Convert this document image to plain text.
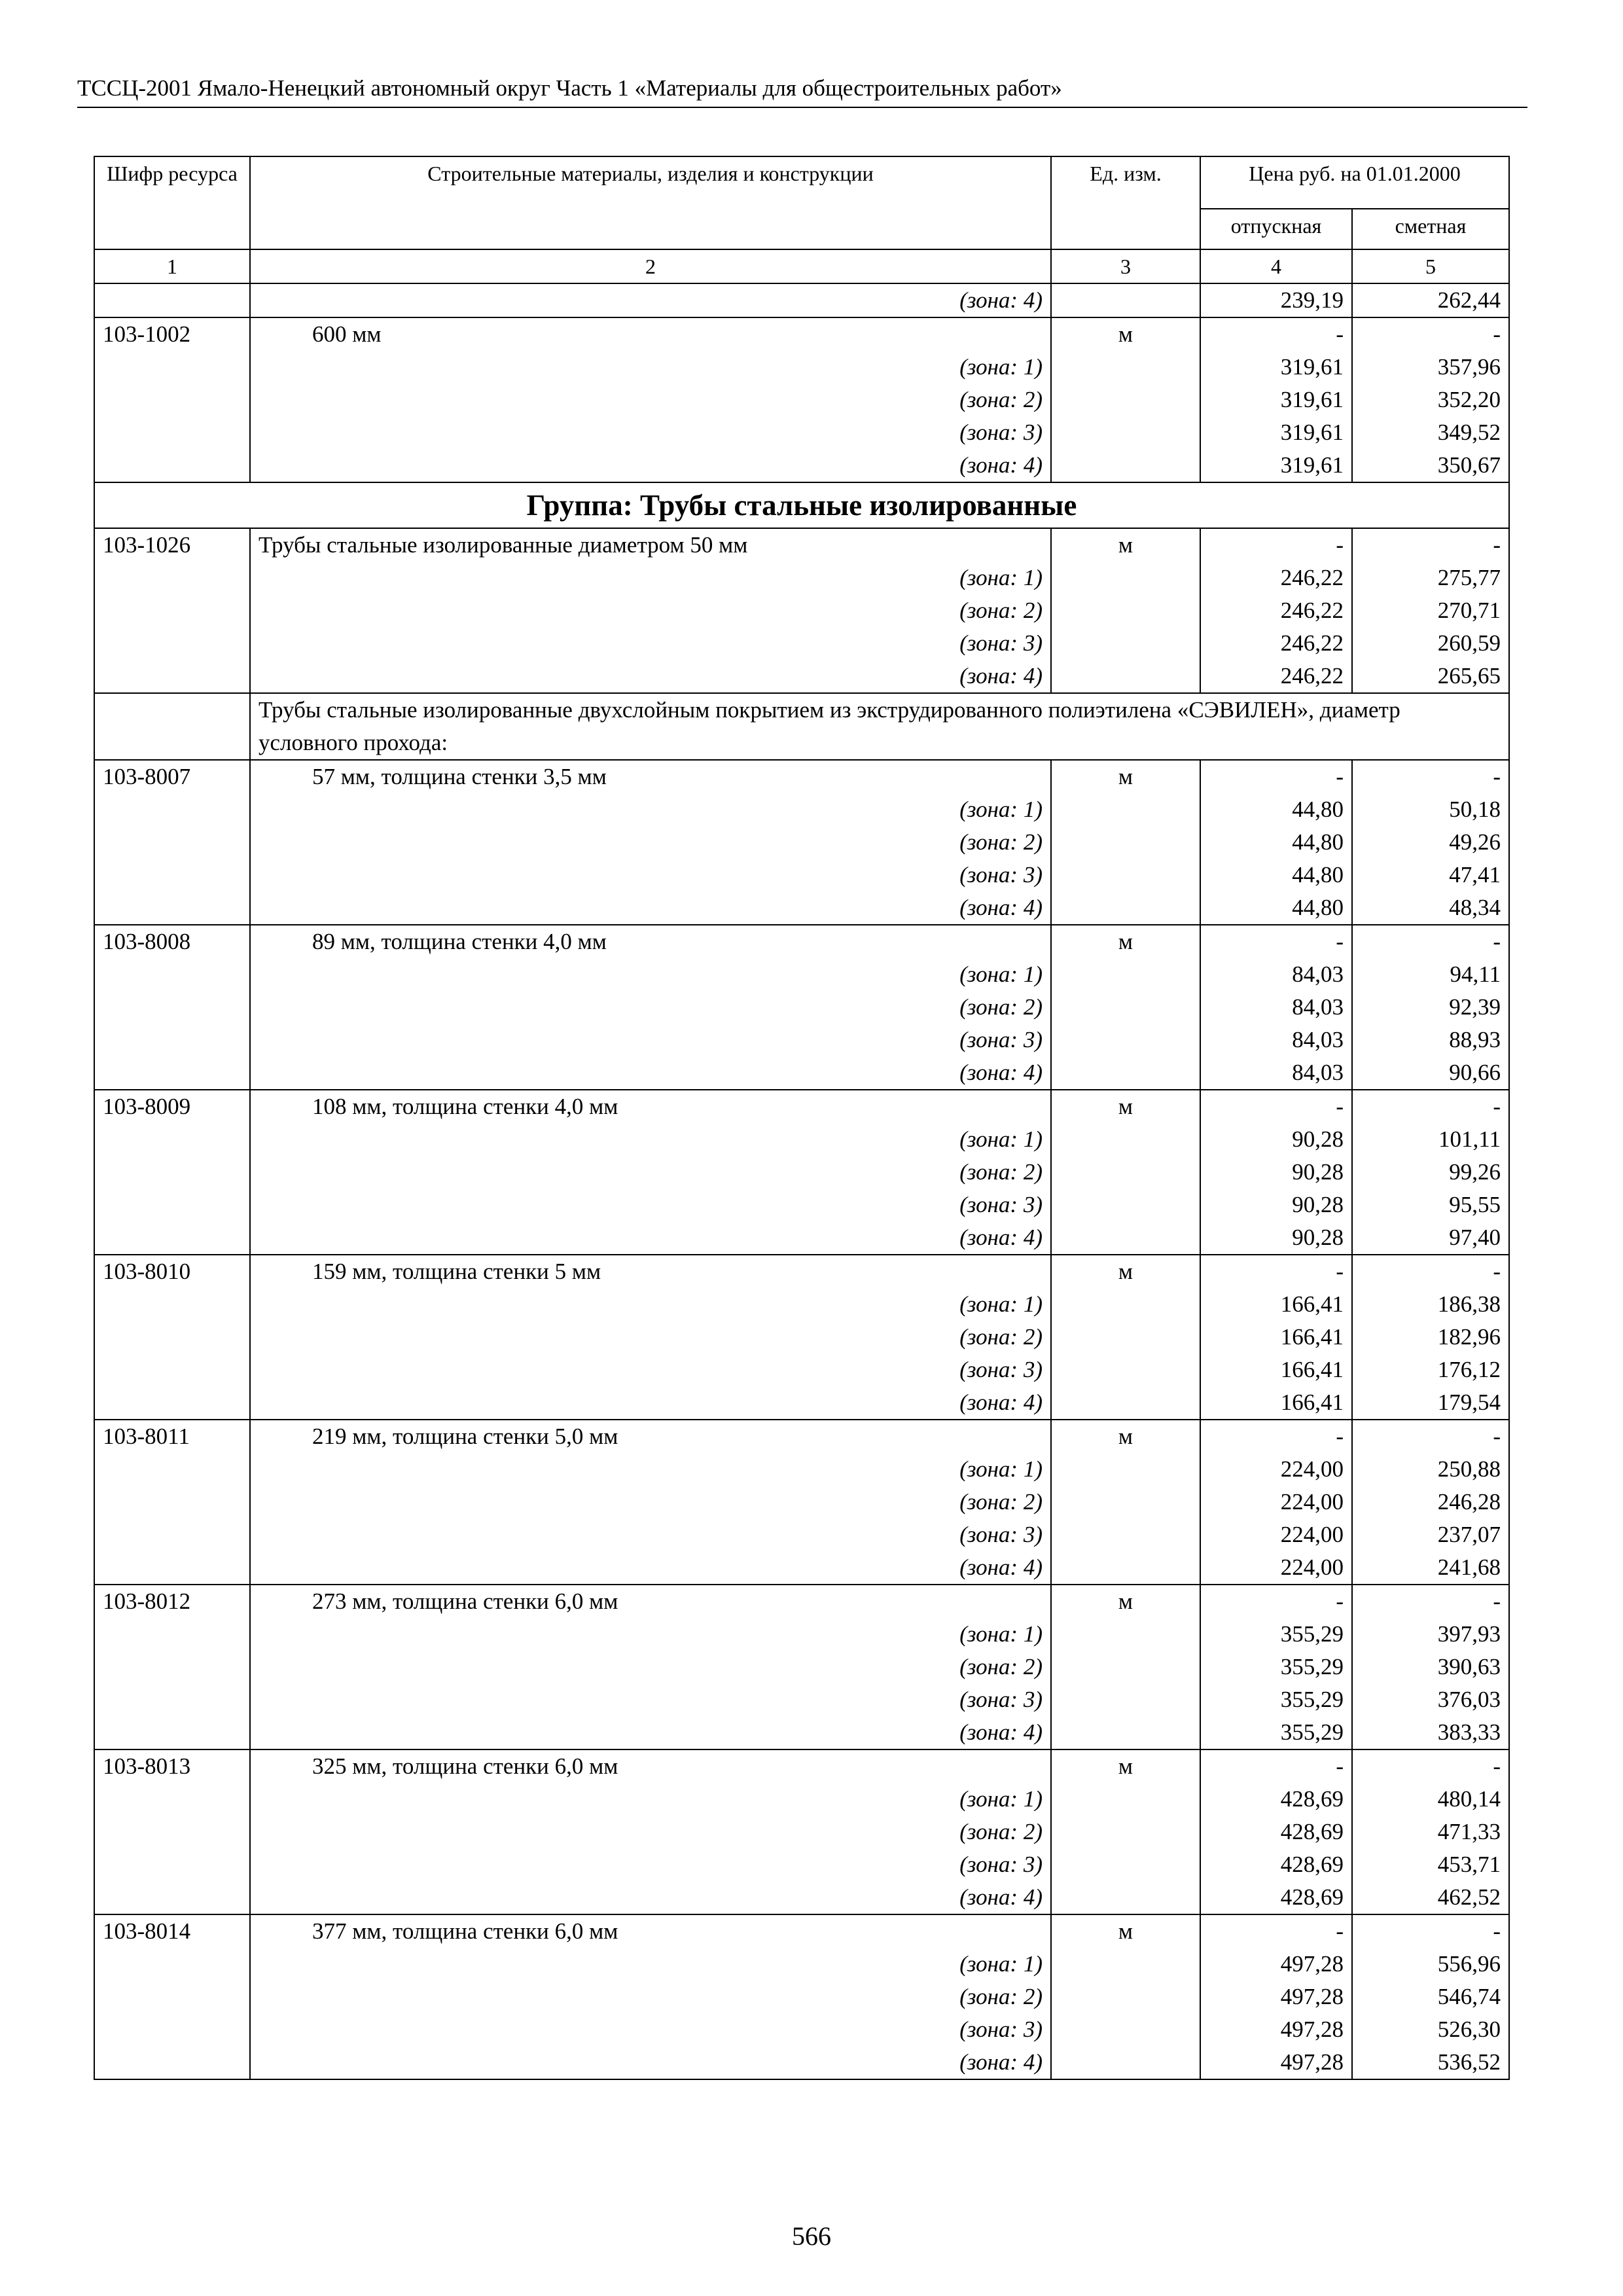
ТССЦ-2001 Ямало-Ненецкий автономный округ Часть 1 «Материалы для общестроительных работ»
Шифр ресурса	Строительные материалы, изделия и конструкции	Ед. изм.	Цена руб. на 01.01.2000	
			отпускная	сметная
1	2	3	4	5
	(зона: 4)		239,19	262,44
103-1002	600 мм	м	-	-
	(зона: 1)		319,61	357,96
	(зона: 2)		319,61	352,20
	(зона: 3)		319,61	349,52
	(зона: 4)		319,61	350,67
Группа: Трубы стальные изолированные				
103-1026	Трубы стальные изолированные диаметром 50 мм	м	-	-
	(зона: 1)		246,22	275,77
	(зона: 2)		246,22	270,71
	(зона: 3)		246,22	260,59
	(зона: 4)		246,22	265,65
	Трубы стальные изолированные двухслойным покрытием из экструдированного полиэтилена «СЭВИЛЕН», диаметр условного прохода:			
103-8007	57 мм, толщина стенки 3,5 мм	м	-	-
	(зона: 1)		44,80	50,18
	(зона: 2)		44,80	49,26
	(зона: 3)		44,80	47,41
	(зона: 4)		44,80	48,34
103-8008	89 мм, толщина стенки 4,0 мм	м	-	-
	(зона: 1)		84,03	94,11
	(зона: 2)		84,03	92,39
	(зона: 3)		84,03	88,93
	(зона: 4)		84,03	90,66
103-8009	108 мм, толщина стенки 4,0 мм	м	-	-
	(зона: 1)		90,28	101,11
	(зона: 2)		90,28	99,26
	(зона: 3)		90,28	95,55
	(зона: 4)		90,28	97,40
103-8010	159 мм, толщина стенки 5 мм	м	-	-
	(зона: 1)		166,41	186,38
	(зона: 2)		166,41	182,96
	(зона: 3)		166,41	176,12
	(зона: 4)		166,41	179,54
103-8011	219 мм, толщина стенки 5,0 мм	м	-	-
	(зона: 1)		224,00	250,88
	(зона: 2)		224,00	246,28
	(зона: 3)		224,00	237,07
	(зона: 4)		224,00	241,68
103-8012	273 мм, толщина стенки 6,0 мм	м	-	-
	(зона: 1)		355,29	397,93
	(зона: 2)		355,29	390,63
	(зона: 3)		355,29	376,03
	(зона: 4)		355,29	383,33
103-8013	325 мм, толщина стенки 6,0 мм	м	-	-
	(зона: 1)		428,69	480,14
	(зона: 2)		428,69	471,33
	(зона: 3)		428,69	453,71
	(зона: 4)		428,69	462,52
103-8014	377 мм, толщина стенки 6,0 мм	м	-	-
	(зона: 1)		497,28	556,96
	(зона: 2)		497,28	546,74
	(зона: 3)		497,28	526,30
	(зона: 4)		497,28	536,52
566
